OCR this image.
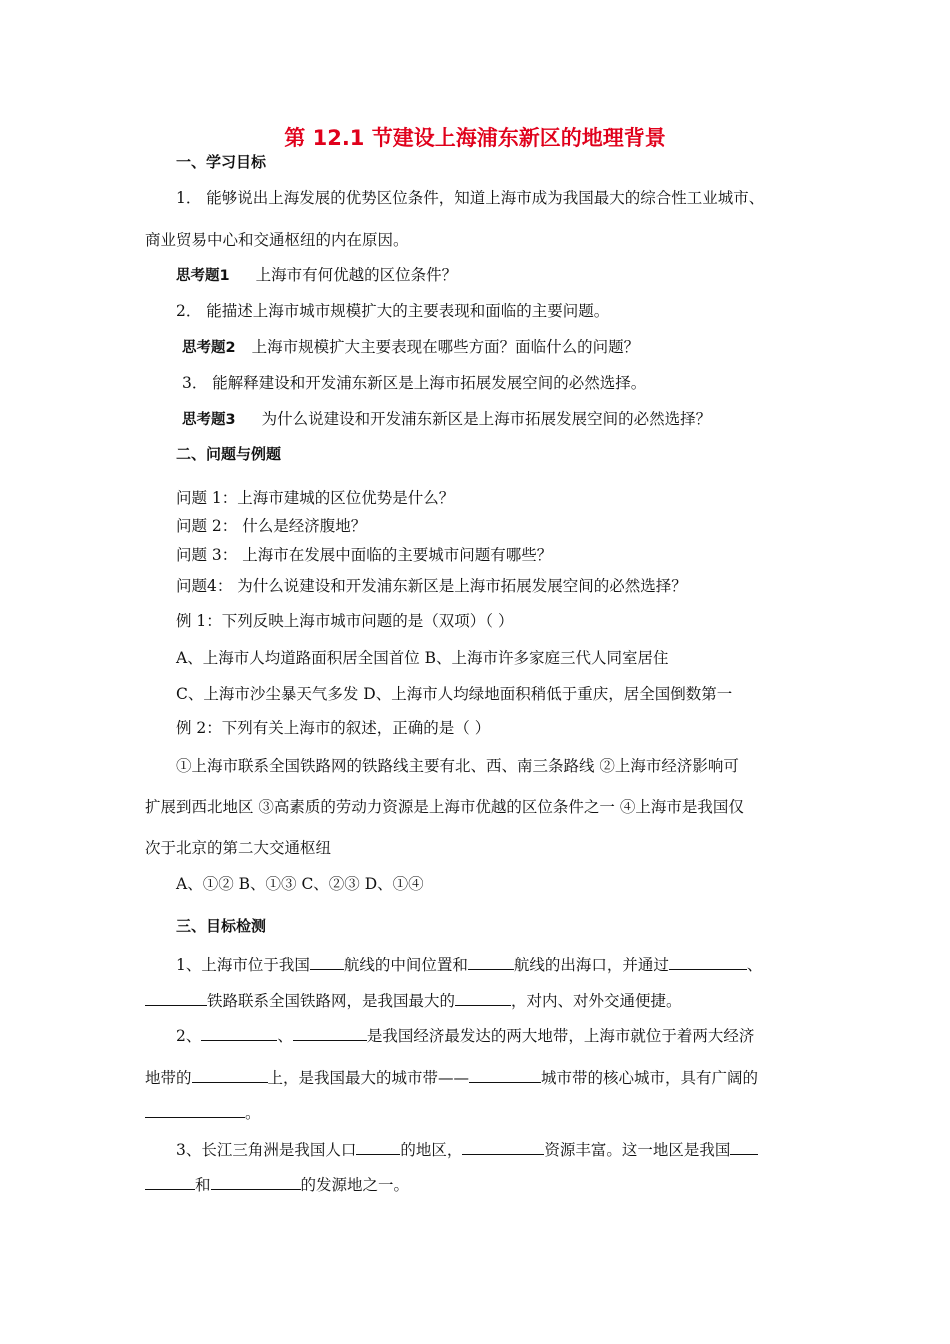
第 12.1 节建设上海浦东新区的地理背景
一、学习目标
1． 能够说出上海发展的优势区位条件，知道上海市成为我国最大的综合性工业城市、
商业贸易中心和交通枢纽的内在原因。
思考题1 上海市有何优越的区位条件？
2． 能描述上海市城市规模扩大的主要表现和面临的主要问题。
思考题2 上海市规模扩大主要表现在哪些方面？面临什么的问题？
3． 能解释建设和开发浦东新区是上海市拓展发展空间的必然选择。
思考题3 为什么说建设和开发浦东新区是上海市拓展发展空间的必然选择？
二、问题与例题
问题 1：上海市建城的区位优势是什么？
问题 2： 什么是经济腹地？
问题 3： 上海市在发展中面临的主要城市问题有哪些？
问题4： 为什么说建设和开发浦东新区是上海市拓展发展空间的必然选择？
例 1：下列反映上海市城市问题的是（双项）（ ）
A、上海市人均道路面积居全国首位 B、上海市许多家庭三代人同室居住
C、上海市沙尘暴天气多发 D、上海市人均绿地面积稍低于重庆，居全国倒数第一
例 2：下列有关上海市的叙述，正确的是（ ）
①上海市联系全国铁路网的铁路线主要有北、西、南三条路线 ②上海市经济影响可
扩展到西北地区 ③高素质的劳动力资源是上海市优越的区位条件之一 ④上海市是我国仅
次于北京的第二大交通枢纽
A、①② B、①③ C、②③ D、①④
三、目标检测
1、上海市位于我国 航线的中间位置和	航线的出海口，并通过	、
铁路联系全国铁路网，是我国最大的	，对内、对外交通便捷。
2、	、	是我国经济最发达的两大地带，上海市就位于着两大经济
地带的	上，是我国最大的城市带——	城市带的核心城市，具有广阔的
。
3、长江三角洲是我国人口	的地区，	资源丰富。这一地区是我国
和	的发源地之一。
